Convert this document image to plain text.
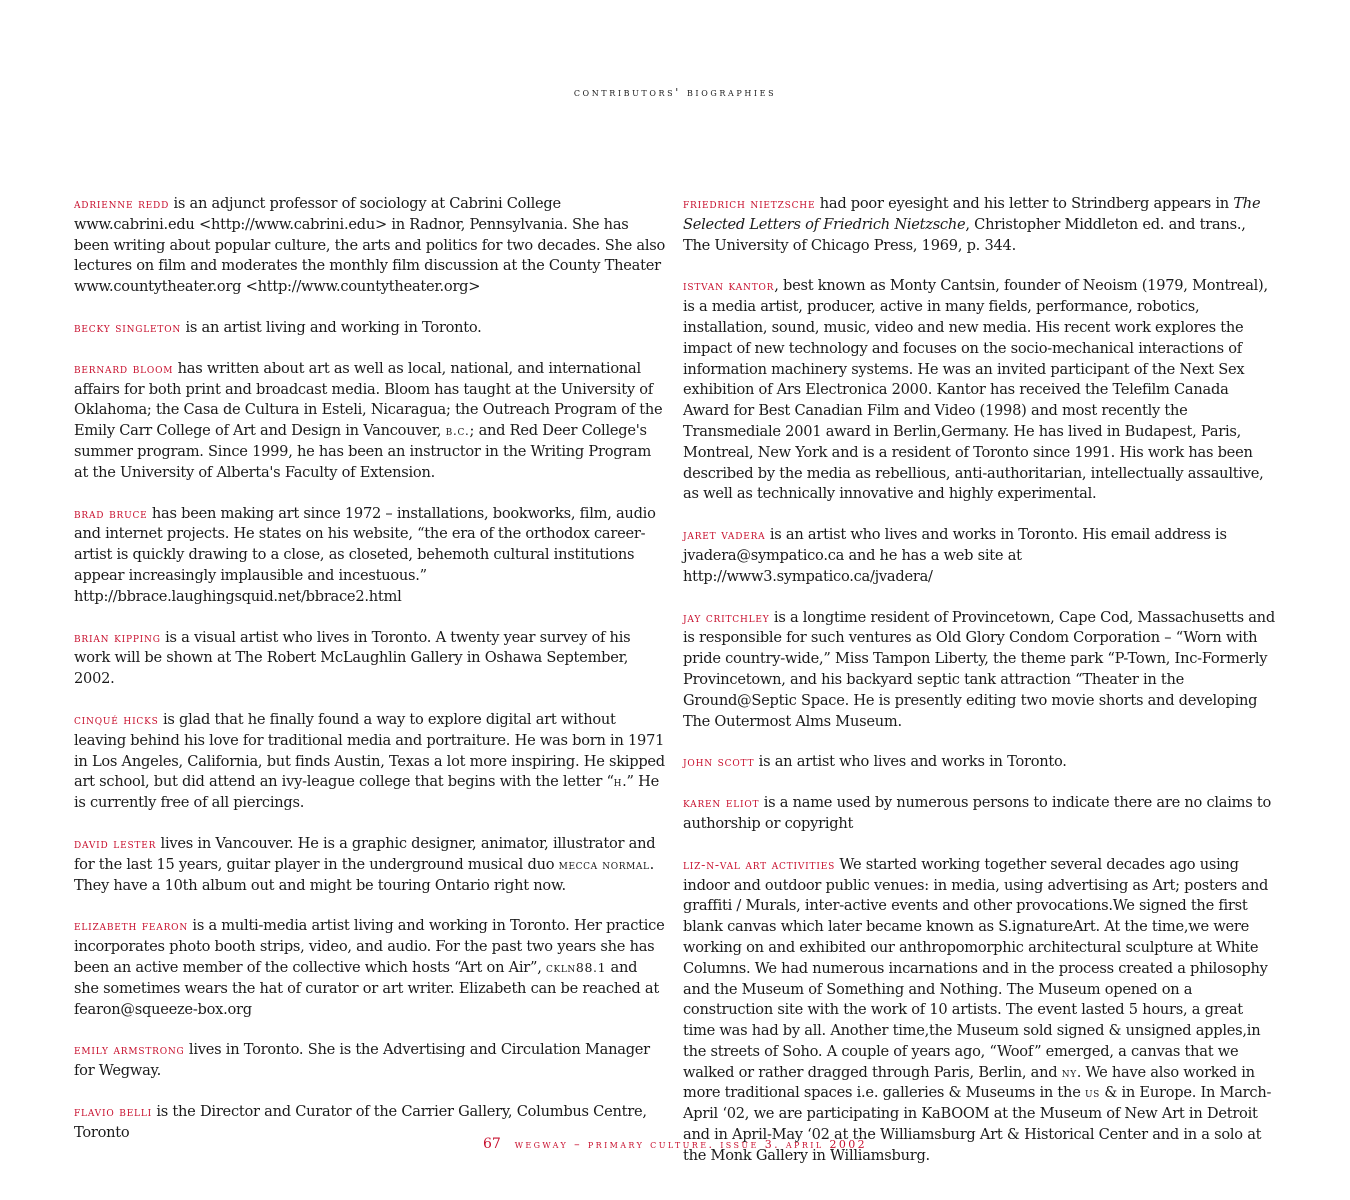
contributors' biographies

adrienne redd is an adjunct professor of sociology at Cabrini College www.cabrini.edu <http://www.cabrini.edu> in Radnor, Pennsylvania. She has been writing about popular culture, the arts and politics for two decades. She also lectures on film and moderates the monthly film discussion at the County Theater www.countytheater.org <http://www.countytheater.org>

becky singleton is an artist living and working in Toronto.

bernard bloom has written about art as well as local, national, and international affairs for both print and broadcast media. Bloom has taught at the University of Oklahoma; the Casa de Cultura in Esteli, Nicaragua; the Outreach Program of the Emily Carr College of Art and Design in Vancouver, b.c.; and Red Deer College's summer program. Since 1999, he has been an instructor in the Writing Program at the University of Alberta's Faculty of Extension.

brad bruce has been making art since 1972 – installations, bookworks, film, audio and internet projects. He states on his website, “the era of the orthodox career-artist is quickly drawing to a close, as closeted, behemoth cultural institutions appear increasingly implausible and incestuous.” http://bbrace.laughingsquid.net/bbrace2.html

brian kipping is a visual artist who lives in Toronto. A twenty year survey of his work will be shown at The Robert McLaughlin Gallery in Oshawa September, 2002.

cinqué hicks is glad that he finally found a way to explore digital art without leaving behind his love for traditional media and portraiture. He was born in 1971 in Los Angeles, California, but finds Austin, Texas a lot more inspiring. He skipped art school, but did attend an ivy-league college that begins with the letter “h.” He is currently free of all piercings.

david lester lives in Vancouver. He is a graphic designer, animator, illustrator and for the last 15 years, guitar player in the underground musical duo mecca normal. They have a 10th album out and might be touring Ontario right now.

elizabeth fearon is a multi-media artist living and working in Toronto. Her practice incorporates photo booth strips, video, and audio. For the past two years she has been an active member of the collective which hosts “Art on Air”, ckln88.1 and she sometimes wears the hat of curator or art writer. Elizabeth can be reached at fearon@squeeze-box.org

emily armstrong lives in Toronto. She is the Advertising and Circulation Manager for Wegway.

flavio belli is the Director and Curator of the Carrier Gallery, Columbus Centre, Toronto

friedrich nietzsche had poor eyesight and his letter to Strindberg appears in The Selected Letters of Friedrich Nietzsche, Christopher Middleton ed. and trans., The University of Chicago Press, 1969, p. 344.

istvan kantor, best known as Monty Cantsin, founder of Neoism (1979, Montreal), is a media artist, producer, active in many fields, performance, robotics, installation, sound, music, video and new media. His recent work explores the impact of new technology and focuses on the socio-mechanical interactions of information machinery systems. He was an invited participant of the Next Sex exhibition of Ars Electronica 2000. Kantor has received the Telefilm Canada Award for Best Canadian Film and Video (1998) and most recently the Transmediale 2001 award in Berlin,Germany. He has lived in Budapest, Paris, Montreal, New York and is a resident of Toronto since 1991. His work has been described by the media as rebellious, anti-authoritarian, intellectually assaultive, as well as technically innovative and highly experimental.

jaret vadera is an artist who lives and works in Toronto. His email address is jvadera@sympatico.ca and he has a web site at http://www3.sympatico.ca/jvadera/

jay critchley is a longtime resident of Provincetown, Cape Cod, Massachusetts and is responsible for such ventures as Old Glory Condom Corporation – “Worn with pride country-wide,” Miss Tampon Liberty, the theme park “P-Town, Inc-Formerly Provincetown, and his backyard septic tank attraction “Theater in the Ground@Septic Space. He is presently editing two movie shorts and developing The Outermost Alms Museum.

john scott is an artist who lives and works in Toronto.

karen eliot is a name used by numerous persons to indicate there are no claims to authorship or copyright

liz-n-val art activities We started working together several decades ago using indoor and outdoor public venues: in media, using advertising as Art; posters and graffiti / Murals, inter-active events and other provocations.We signed the first blank canvas which later became known as S.ignatureArt. At the time,we were working on and exhibited our anthropomorphic architectural sculpture at White Columns. We had numerous incarnations and in the process created a philosophy and the Museum of Something and Nothing. The Museum opened on a construction site with the work of 10 artists. The event lasted 5 hours, a great time was had by all. Another time,the Museum sold signed & unsigned apples,in the streets of Soho. A couple of years ago, “Woof” emerged, a canvas that we walked or rather dragged through Paris, Berlin, and ny. We have also worked in more traditional spaces i.e. galleries & Museums in the us & in Europe. In March-April ‘02, we are participating in KaBOOM at the Museum of New Art in Detroit and in April-May ‘02 at the Williamsburg Art & Historical Center and in a solo at the Monk Gallery in Williamsburg.

67 wegway – primary culture. issue 3. april 2002
